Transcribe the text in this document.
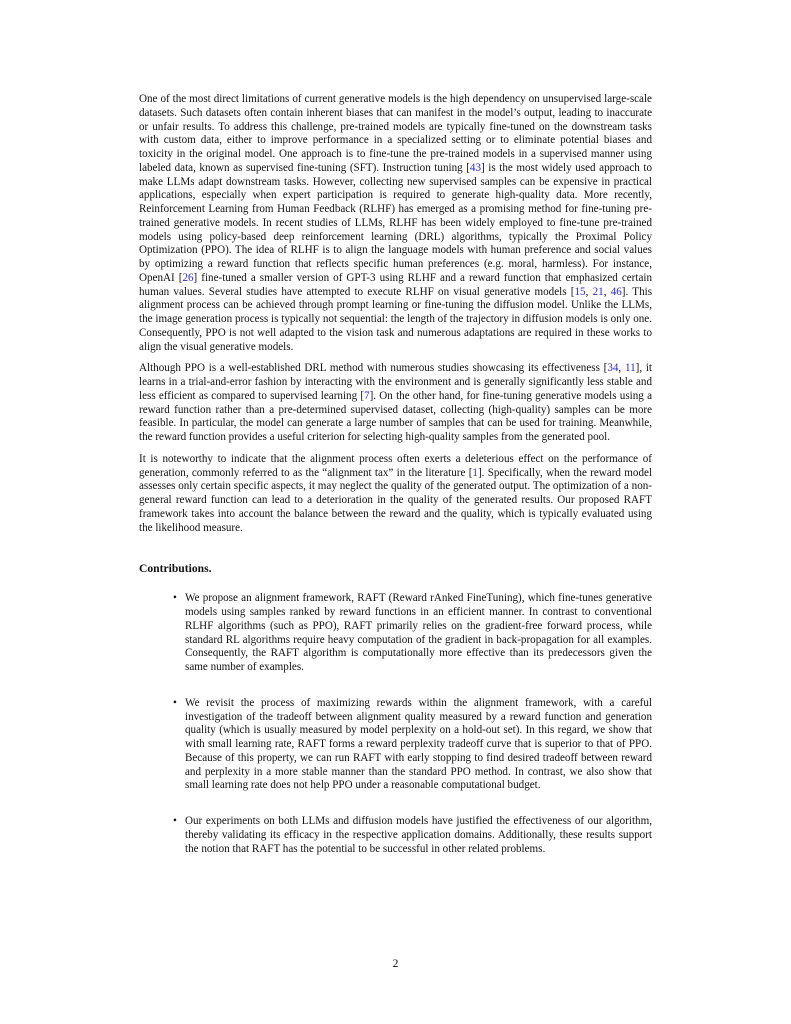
One of the most direct limitations of current generative models is the high dependency on unsupervised large-scale datasets. Such datasets often contain inherent biases that can manifest in the model’s output, leading to inaccurate or unfair results. To address this challenge, pre-trained models are typically fine-tuned on the downstream tasks with custom data, either to improve performance in a specialized setting or to eliminate potential biases and toxicity in the original model. One approach is to fine-tune the pre-trained models in a supervised manner using labeled data, known as supervised fine-tuning (SFT). Instruction tuning [43] is the most widely used approach to make LLMs adapt downstream tasks. However, collecting new supervised samples can be expensive in practical applications, especially when expert participation is required to generate high-quality data. More recently, Reinforcement Learning from Human Feedback (RLHF) has emerged as a promising method for fine-tuning pre-trained generative models. In recent studies of LLMs, RLHF has been widely employed to fine-tune pre-trained models using policy-based deep reinforcement learning (DRL) algorithms, typically the Proximal Policy Optimization (PPO). The idea of RLHF is to align the language models with human preference and social values by optimizing a reward function that reflects specific human preferences (e.g. moral, harmless). For instance, OpenAI [26] fine-tuned a smaller version of GPT-3 using RLHF and a reward function that emphasized certain human values. Several studies have attempted to execute RLHF on visual generative models [15, 21, 46]. This alignment process can be achieved through prompt learning or fine-tuning the diffusion model. Unlike the LLMs, the image generation process is typically not sequential: the length of the trajectory in diffusion models is only one. Consequently, PPO is not well adapted to the vision task and numerous adaptations are required in these works to align the visual generative models.

Although PPO is a well-established DRL method with numerous studies showcasing its effectiveness [34, 11], it learns in a trial-and-error fashion by interacting with the environment and is generally significantly less stable and less efficient as compared to supervised learning [7]. On the other hand, for fine-tuning generative models using a reward function rather than a pre-determined supervised dataset, collecting (high-quality) samples can be more feasible. In particular, the model can generate a large number of samples that can be used for training. Meanwhile, the reward function provides a useful criterion for selecting high-quality samples from the generated pool.

It is noteworthy to indicate that the alignment process often exerts a deleterious effect on the performance of generation, commonly referred to as the “alignment tax” in the literature [1]. Specifically, when the reward model assesses only certain specific aspects, it may neglect the quality of the generated output. The optimization of a non-general reward function can lead to a deterioration in the quality of the generated results. Our proposed RAFT framework takes into account the balance between the reward and the quality, which is typically evaluated using the likelihood measure.

Contributions.
• We propose an alignment framework, RAFT (Reward rAnked FineTuning), which fine-tunes generative models using samples ranked by reward functions in an efficient manner. In contrast to conventional RLHF algorithms (such as PPO), RAFT primarily relies on the gradient-free forward process, while standard RL algorithms require heavy computation of the gradient in back-propagation for all examples. Consequently, the RAFT algorithm is computationally more effective than its predecessors given the same number of examples.
• We revisit the process of maximizing rewards within the alignment framework, with a careful investigation of the tradeoff between alignment quality measured by a reward function and generation quality (which is usually measured by model perplexity on a hold-out set). In this regard, we show that with small learning rate, RAFT forms a reward perplexity tradeoff curve that is superior to that of PPO. Because of this property, we can run RAFT with early stopping to find desired tradeoff between reward and perplexity in a more stable manner than the standard PPO method. In contrast, we also show that small learning rate does not help PPO under a reasonable computational budget.
• Our experiments on both LLMs and diffusion models have justified the effectiveness of our algorithm, thereby validating its efficacy in the respective application domains. Additionally, these results support the notion that RAFT has the potential to be successful in other related problems.
2
